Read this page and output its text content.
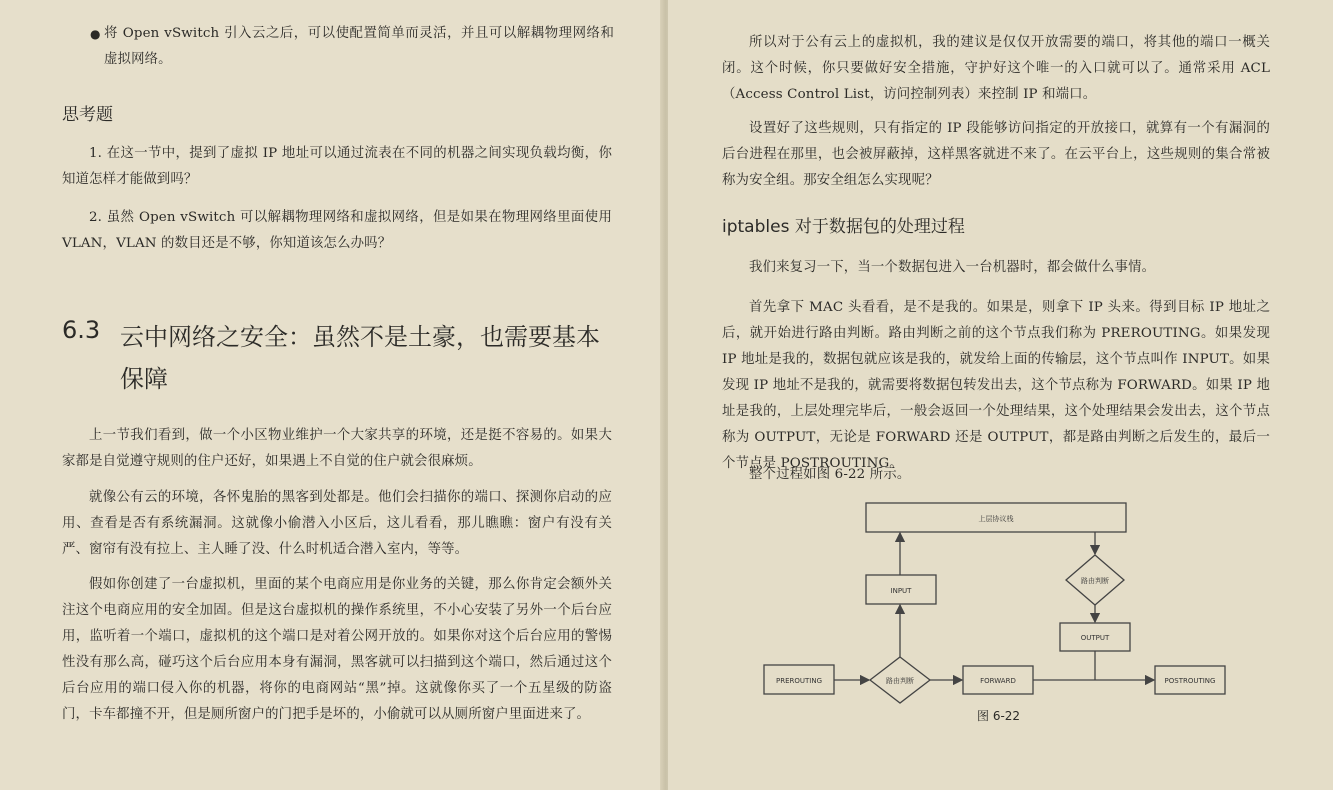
● 将 Open vSwitch 引入云之后，可以使配置简单而灵活，并且可以解耦物理网络和虚拟网络。

思考题

1. 在这一节中，提到了虚拟 IP 地址可以通过流表在不同的机器之间实现负载均衡，你知道怎样才能做到吗？

2. 虽然 Open vSwitch 可以解耦物理网络和虚拟网络，但是如果在物理网络里面使用 VLAN，VLAN 的数目还是不够，你知道该怎么办吗？

6.3 云中网络之安全：虽然不是土豪，也需要基本保障

上一节我们看到，做一个小区物业维护一个大家共享的环境，还是挺不容易的。如果大家都是自觉遵守规则的住户还好，如果遇上不自觉的住户就会很麻烦。

就像公有云的环境，各怀鬼胎的黑客到处都是。他们会扫描你的端口、探测你启动的应用、查看是否有系统漏洞。这就像小偷潜入小区后，这儿看看，那儿瞧瞧：窗户有没有关严、窗帘有没有拉上、主人睡了没、什么时机适合潜入室内，等等。

假如你创建了一台虚拟机，里面的某个电商应用是你业务的关键，那么你肯定会额外关注这个电商应用的安全加固。但是这台虚拟机的操作系统里，不小心安装了另外一个后台应用，监听着一个端口，虚拟机的这个端口是对着公网开放的。如果你对这个后台应用的警惕性没有那么高，碰巧这个后台应用本身有漏洞，黑客就可以扫描到这个端口，然后通过这个后台应用的端口侵入你的机器，将你的电商网站“黑”掉。这就像你买了一个五星级的防盗门，卡车都撞不开，但是厕所窗户的门把手是坏的，小偷就可以从厕所窗户里面进来了。

所以对于公有云上的虚拟机，我的建议是仅仅开放需要的端口，将其他的端口一概关闭。这个时候，你只要做好安全措施，守护好这个唯一的入口就可以了。通常采用 ACL（Access Control List，访问控制列表）来控制 IP 和端口。

设置好了这些规则，只有指定的 IP 段能够访问指定的开放接口，就算有一个有漏洞的后台进程在那里，也会被屏蔽掉，这样黑客就进不来了。在云平台上，这些规则的集合常被称为安全组。那安全组怎么实现呢？

iptables 对于数据包的处理过程

我们来复习一下，当一个数据包进入一台机器时，都会做什么事情。

首先拿下 MAC 头看看，是不是我的。如果是，则拿下 IP 头来。得到目标 IP 地址之后，就开始进行路由判断。路由判断之前的这个节点我们称为 PREROUTING。如果发现 IP 地址是我的，数据包就应该是我的，就发给上面的传输层，这个节点叫作 INPUT。如果发现 IP 地址不是我的，就需要将数据包转发出去，这个节点称为 FORWARD。如果 IP 地址是我的，上层处理完毕后，一般会返回一个处理结果，这个处理结果会发出去，这个节点称为 OUTPUT，无论是 FORWARD 还是 OUTPUT，都是路由判断之后发生的，最后一个节点是 POSTROUTING。

整个过程如图 6-22 所示。

上层协议栈
INPUT
路由判断
OUTPUT
PREROUTING	路由判断	FORWARD	POSTROUTING
图 6-22
